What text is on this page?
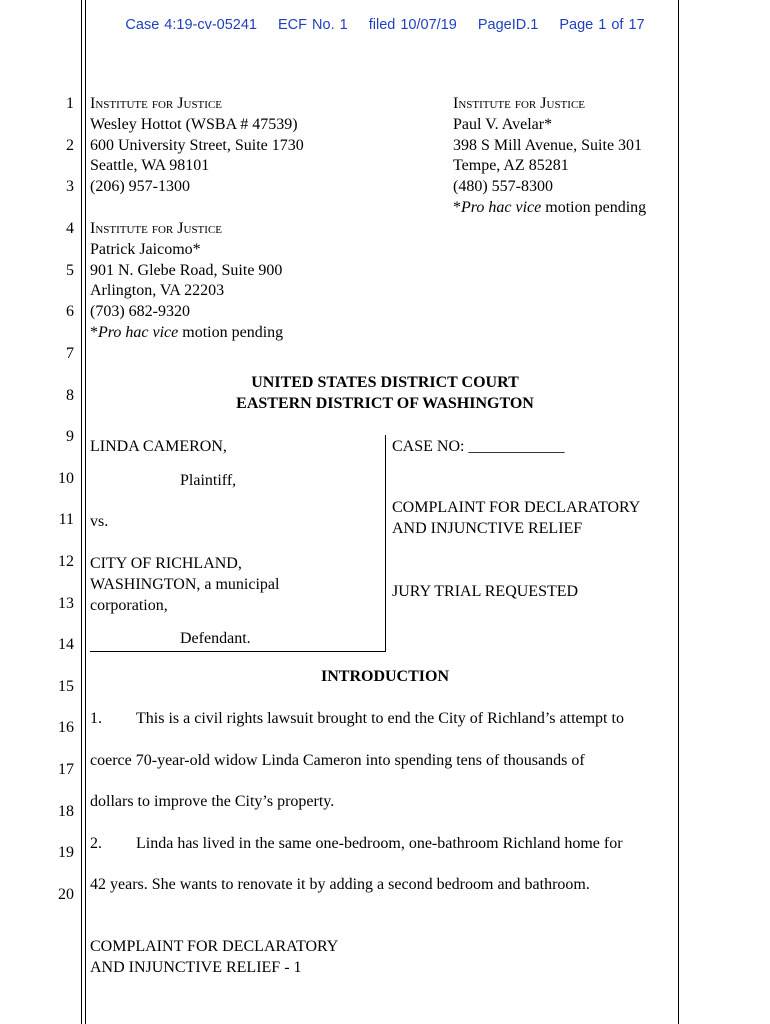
Case 4:19-cv-05241 ECF No. 1 filed 10/07/19 PageID.1 Page 1 of 17
1
2
3
4
5
6
7
8
9
10
11
12
13
14
15
16
17
18
19
20
Institute for Justice
Wesley Hottot (WSBA # 47539)
600 University Street, Suite 1730
Seattle, WA 98101
(206) 957-1300
Institute for Justice
Paul V. Avelar*
398 S Mill Avenue, Suite 301
Tempe, AZ 85281
(480) 557-8300
*Pro hac vice motion pending
Institute for Justice
Patrick Jaicomo*
901 N. Glebe Road, Suite 900
Arlington, VA 22203
(703) 682-9320
*Pro hac vice motion pending
UNITED STATES DISTRICT COURT
EASTERN DISTRICT OF WASHINGTON
LINDA CAMERON,
Plaintiff,
vs.
CITY OF RICHLAND,
WASHINGTON, a municipal
corporation,
Defendant.
CASE NO: ____________
COMPLAINT FOR DECLARATORY
AND INJUNCTIVE RELIEF
JURY TRIAL REQUESTED
INTRODUCTION
1. This is a civil rights lawsuit brought to end the City of Richland’s attempt to
coerce 70-year-old widow Linda Cameron into spending tens of thousands of
dollars to improve the City’s property.
2. Linda has lived in the same one-bedroom, one-bathroom Richland home for
42 years. She wants to renovate it by adding a second bedroom and bathroom.
COMPLAINT FOR DECLARATORY
AND INJUNCTIVE RELIEF - 1
